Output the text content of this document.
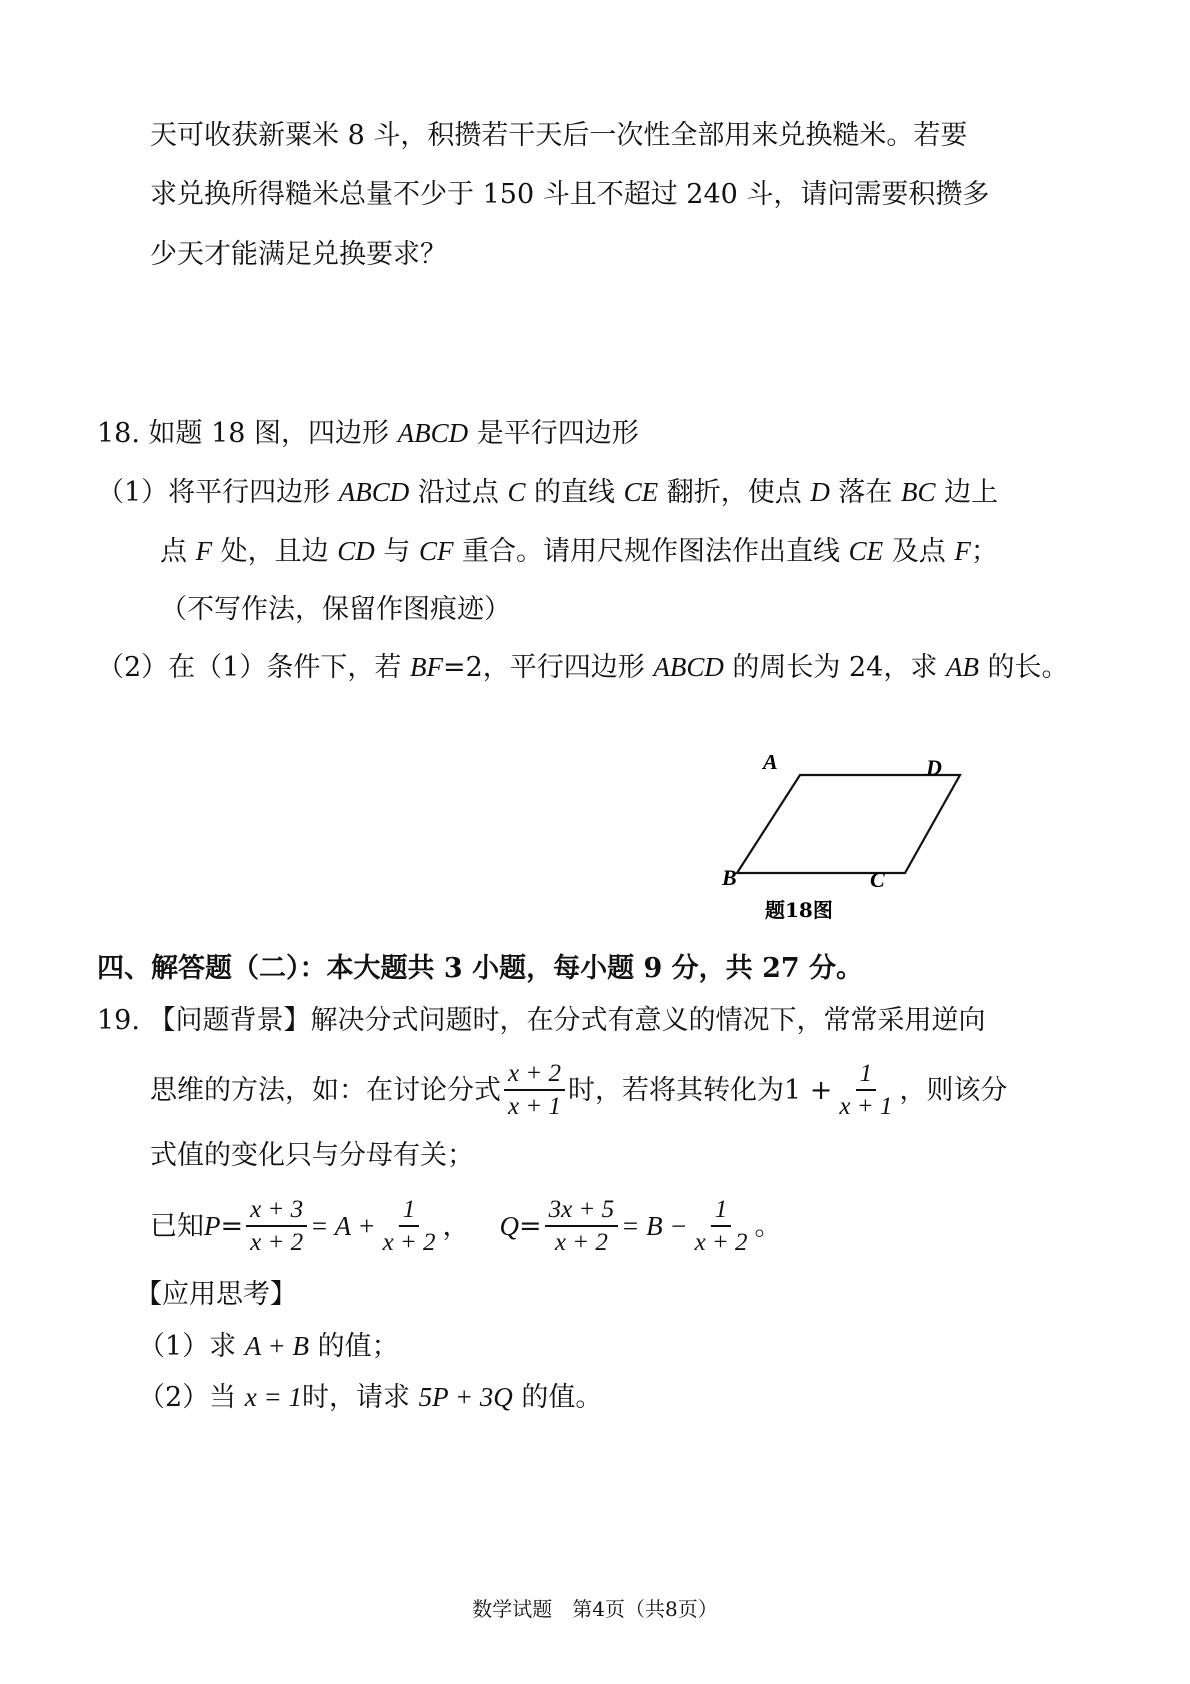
天可收获新粟米 8 斗，积攒若干天后一次性全部用来兑换糙米。若要
求兑换所得糙米总量不少于 150 斗且不超过 240 斗，请问需要积攒多
少天才能满足兑换要求？
18. 如题 18 图，四边形 ABCD 是平行四边形
（1）将平行四边形 ABCD 沿过点 C 的直线 CE 翻折，使点 D 落在 BC 边上
点 F 处，且边 CD 与 CF 重合。请用尺规作图法作出直线 CE 及点 F；
（不写作法，保留作图痕迹）
（2）在（1）条件下，若 BF=2，平行四边形 ABCD 的周长为 24，求 AB 的长。
A	D
B	C
题18图
四、解答题（二）：本大题共 3 小题，每小题 9 分，共 27 分。
19. 【问题背景】解决分式问题时，在分式有意义的情况下，常常采用逆向
思维的方法，如：在讨论分式 $\frac{x + 2}{x + 1}$ 时，若将其转化为$1 + \frac{1}{x + 1}$ ，则该分
式值的变化只与分母有关；
已知 $P = \frac{x + 3}{x + 2} = A + \frac{1}{x + 2}$ ， $Q = \frac{3x + 5}{x + 2} = B - \frac{1}{x + 2}$ 。
【应用思考】
（1）求 A + B 的值；
（2）当 x = 1时，请求 5P + 3Q 的值。
数学试题　第4页（共8页）
